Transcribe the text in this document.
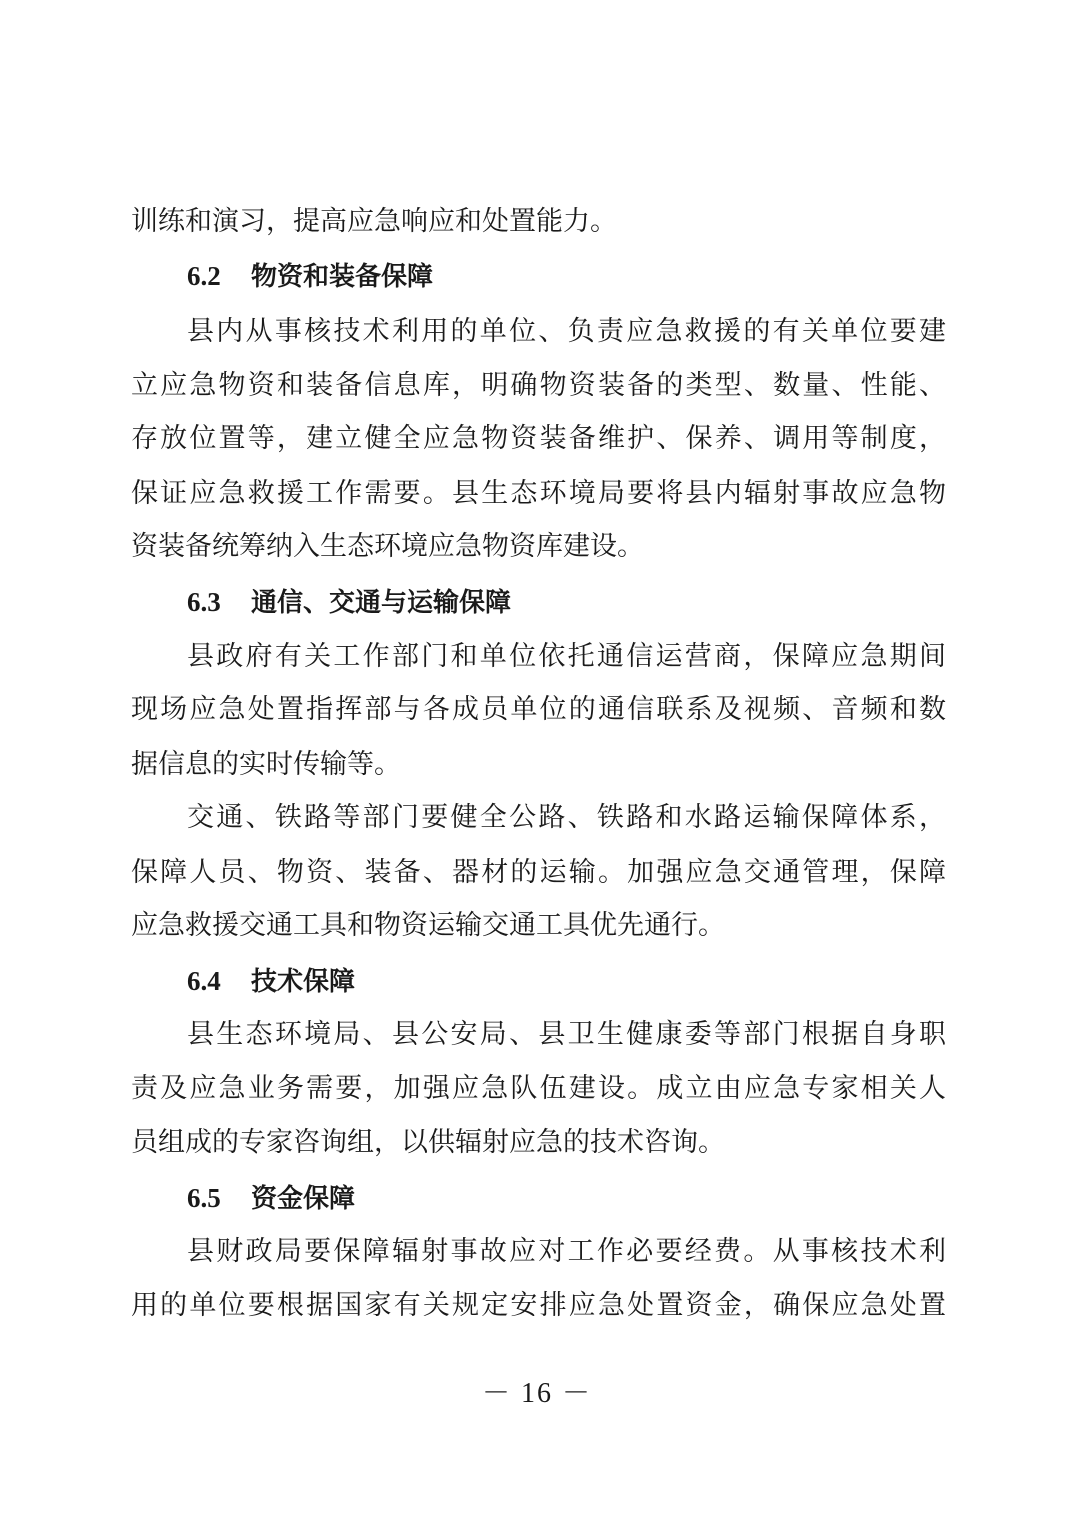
训练和演习，提高应急响应和处置能力。
6.2 物资和装备保障
县内从事核技术利用的单位、负责应急救援的有关单位要建
立应急物资和装备信息库，明确物资装备的类型、数量、性能、
存放位置等，建立健全应急物资装备维护、保养、调用等制度，
保证应急救援工作需要。县生态环境局要将县内辐射事故应急物
资装备统筹纳入生态环境应急物资库建设。
6.3 通信、交通与运输保障
县政府有关工作部门和单位依托通信运营商，保障应急期间
现场应急处置指挥部与各成员单位的通信联系及视频、音频和数
据信息的实时传输等。
交通、铁路等部门要健全公路、铁路和水路运输保障体系，
保障人员、物资、装备、器材的运输。加强应急交通管理，保障
应急救援交通工具和物资运输交通工具优先通行。
6.4 技术保障
县生态环境局、县公安局、县卫生健康委等部门根据自身职
责及应急业务需要，加强应急队伍建设。成立由应急专家相关人
员组成的专家咨询组，以供辐射应急的技术咨询。
6.5 资金保障
县财政局要保障辐射事故应对工作必要经费。从事核技术利
用的单位要根据国家有关规定安排应急处置资金，确保应急处置
－ 16 －
